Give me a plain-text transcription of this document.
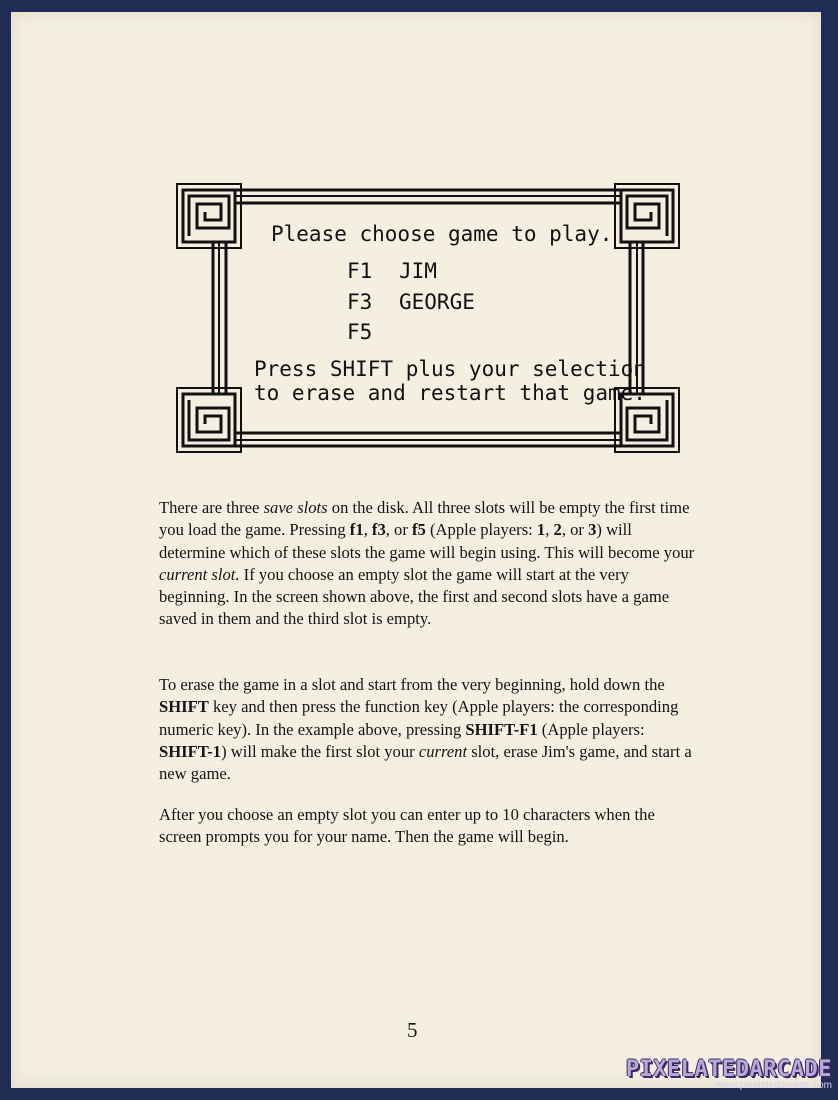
Please choose game to play.
F1 JIM
F3 GEORGE
F5
Press SHIFT plus your selection
to erase and restart that game.

There are three save slots on the disk. All three slots will be empty the first time you load the game. Pressing f1, f3, or f5 (Apple players: 1, 2, or 3) will determine which of these slots the game will begin using. This will become your current slot. If you choose an empty slot the game will start at the very beginning. In the screen shown above, the first and second slots have a game saved in them and the third slot is empty.

To erase the game in a slot and start from the very beginning, hold down the SHIFT key and then press the function key (Apple players: the corresponding numeric key). In the example above, pressing SHIFT-F1 (Apple players: SHIFT-1) will make the first slot your current slot, erase Jim's game, and start a new game.

After you choose an empty slot you can enter up to 10 characters when the screen prompts you for your name. Then the game will begin.

5
PIXELATEDARCADE
www.pixelatedarcade.com
